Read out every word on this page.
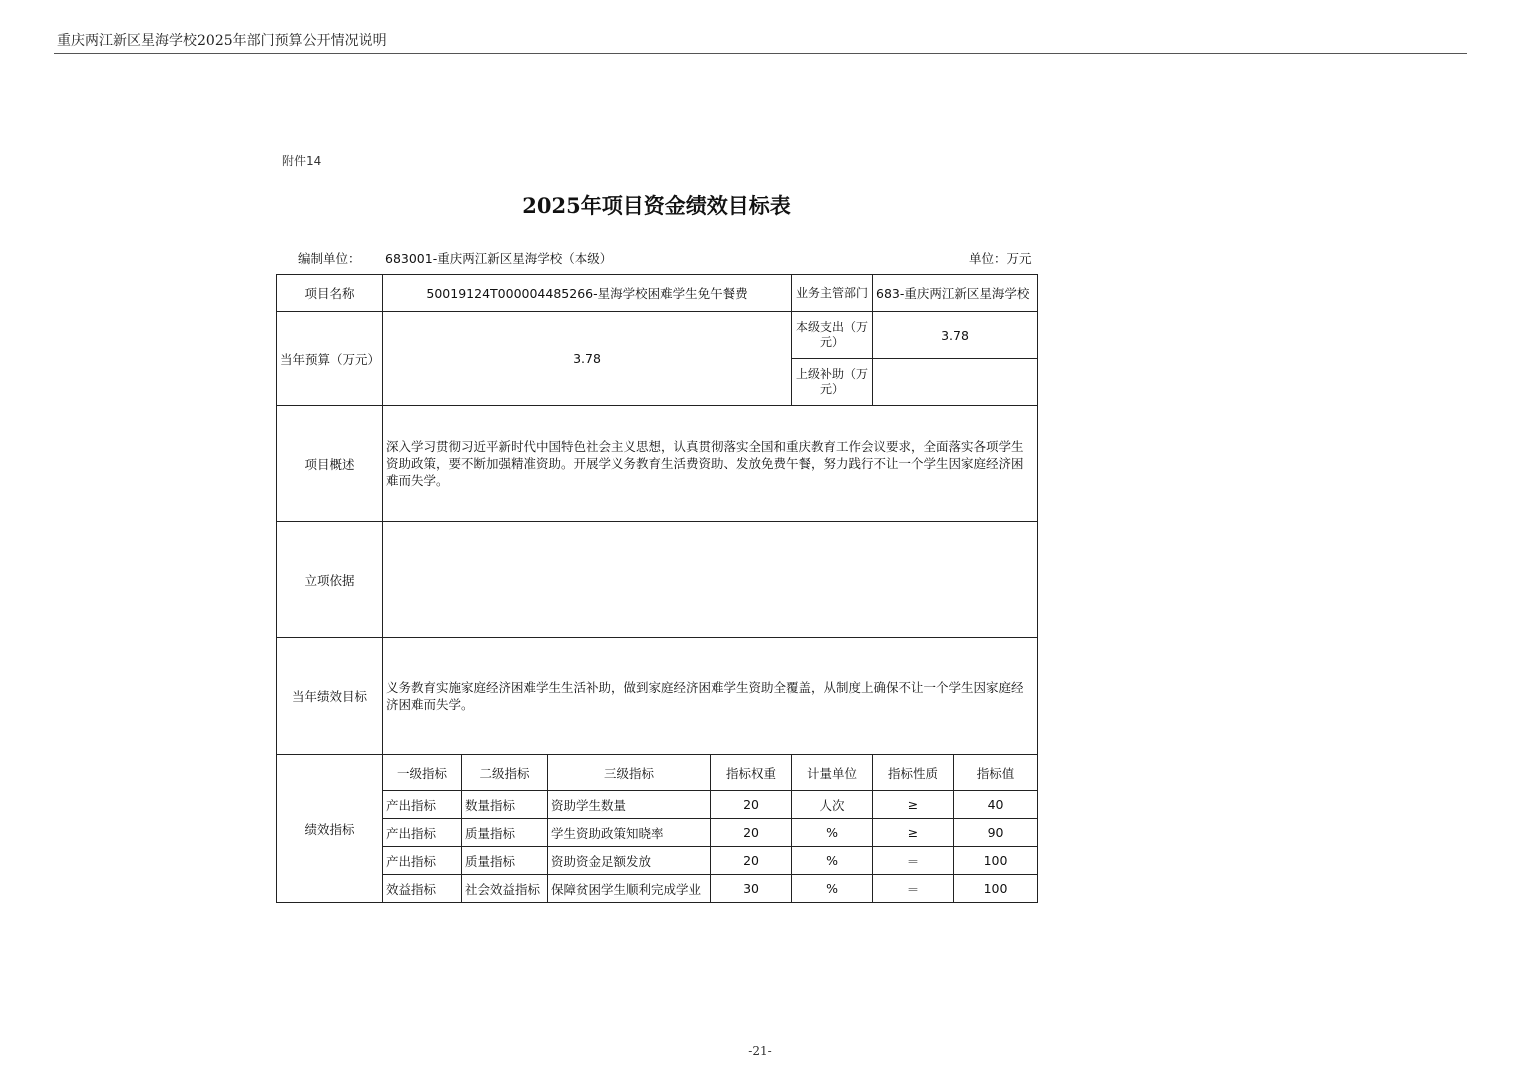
重庆两江新区星海学校2025年部门预算公开情况说明
附件14
2025年项目资金绩效目标表
编制单位： 683001-重庆两江新区星海学校（本级）	单位：万元
项目名称	50019124T000004485266-星海学校困难学生免午餐费				业务主管部门	683-重庆两江新区星海学校	
当年预算（万元）	3.78				本级支出（万元）	3.78	
					上级补助（万元）		
项目概述	深入学习贯彻习近平新时代中国特色社会主义思想，认真贯彻落实全国和重庆教育工作会议要求，全面落实各项学生资助政策，要不断加强精准资助。开展学义务教育生活费资助、发放免费午餐，努力践行不让一个学生因家庭经济困难而失学。						
立项依据							
当年绩效目标	义务教育实施家庭经济困难学生生活补助，做到家庭经济困难学生资助全覆盖，从制度上确保不让一个学生因家庭经济困难而失学。						
绩效指标	一级指标	二级指标	三级指标	指标权重	计量单位	指标性质	指标值
	产出指标	数量指标	资助学生数量	20	人次	≥	40
	产出指标	质量指标	学生资助政策知晓率	20	%	≥	90
	产出指标	质量指标	资助资金足额发放	20	%	＝	100
	效益指标	社会效益指标	保障贫困学生顺利完成学业	30	%	＝	100
-21-
